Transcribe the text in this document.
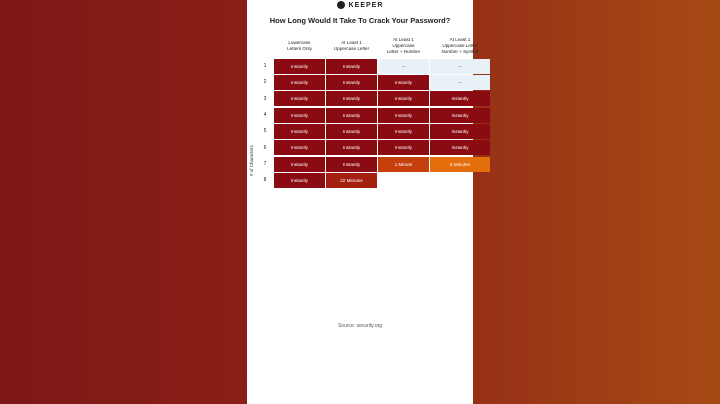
KEEPER
How Long Would It Take To Crack Your Password?
# of Characters
Lowercase
Letters Only
At Least 1
Uppercase Letter
At Least 1
Uppercase
Letter + Number
At Least 1
Uppercase Letter
Number + Symbol
1	Instantly	Instantly	–	–
2	Instantly	Instantly	Instantly	–
3	Instantly	Instantly	Instantly	Instantly
4	Instantly	Instantly	Instantly	Instantly
5	Instantly	Instantly	Instantly	Instantly
6	Instantly	Instantly	Instantly	Instantly
7	Instantly	Instantly	1 Minute	6 Minutes
8	Instantly	22 Minutes
Source: security.org
